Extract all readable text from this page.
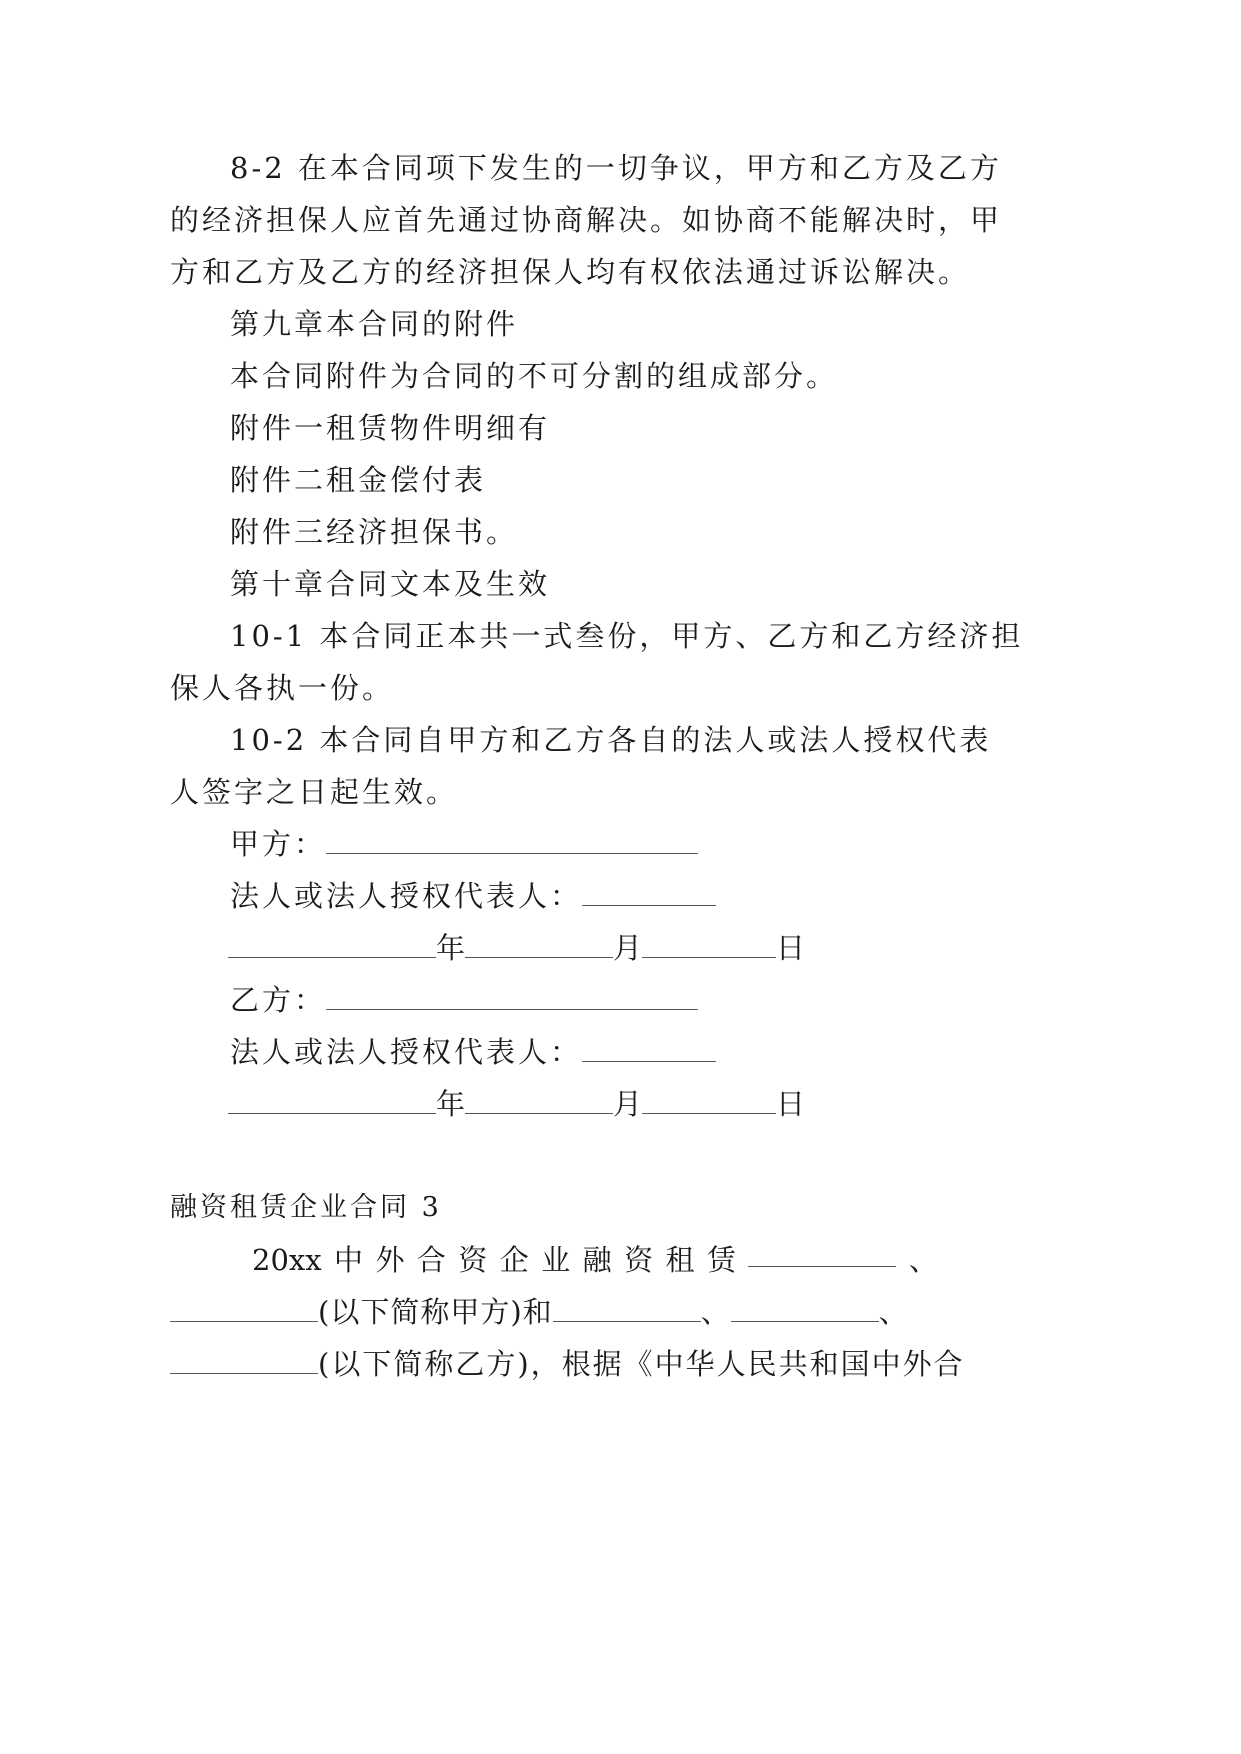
8-2 在本合同项下发生的一切争议，甲方和乙方及乙方
的经济担保人应首先通过协商解决。如协商不能解决时，甲
方和乙方及乙方的经济担保人均有权依法通过诉讼解决。
第九章本合同的附件
本合同附件为合同的不可分割的组成部分。
附件一租赁物件明细有
附件二租金偿付表
附件三经济担保书。
第十章合同文本及生效
10-1 本合同正本共一式叁份，甲方、乙方和乙方经济担
保人各执一份。
10-2 本合同自甲方和乙方各自的法人或法人授权代表
人签字之日起生效。
甲方：
法人或法人授权代表人：
年	月	日
乙方：
法人或法人授权代表人：
年	月	日
融资租赁企业合同 3
20xx 中 外 合 资 企 业 融 资 租 赁	、
(以下简称甲方)和	、	、
(以下简称乙方)，根据《中华人民共和国中外合
